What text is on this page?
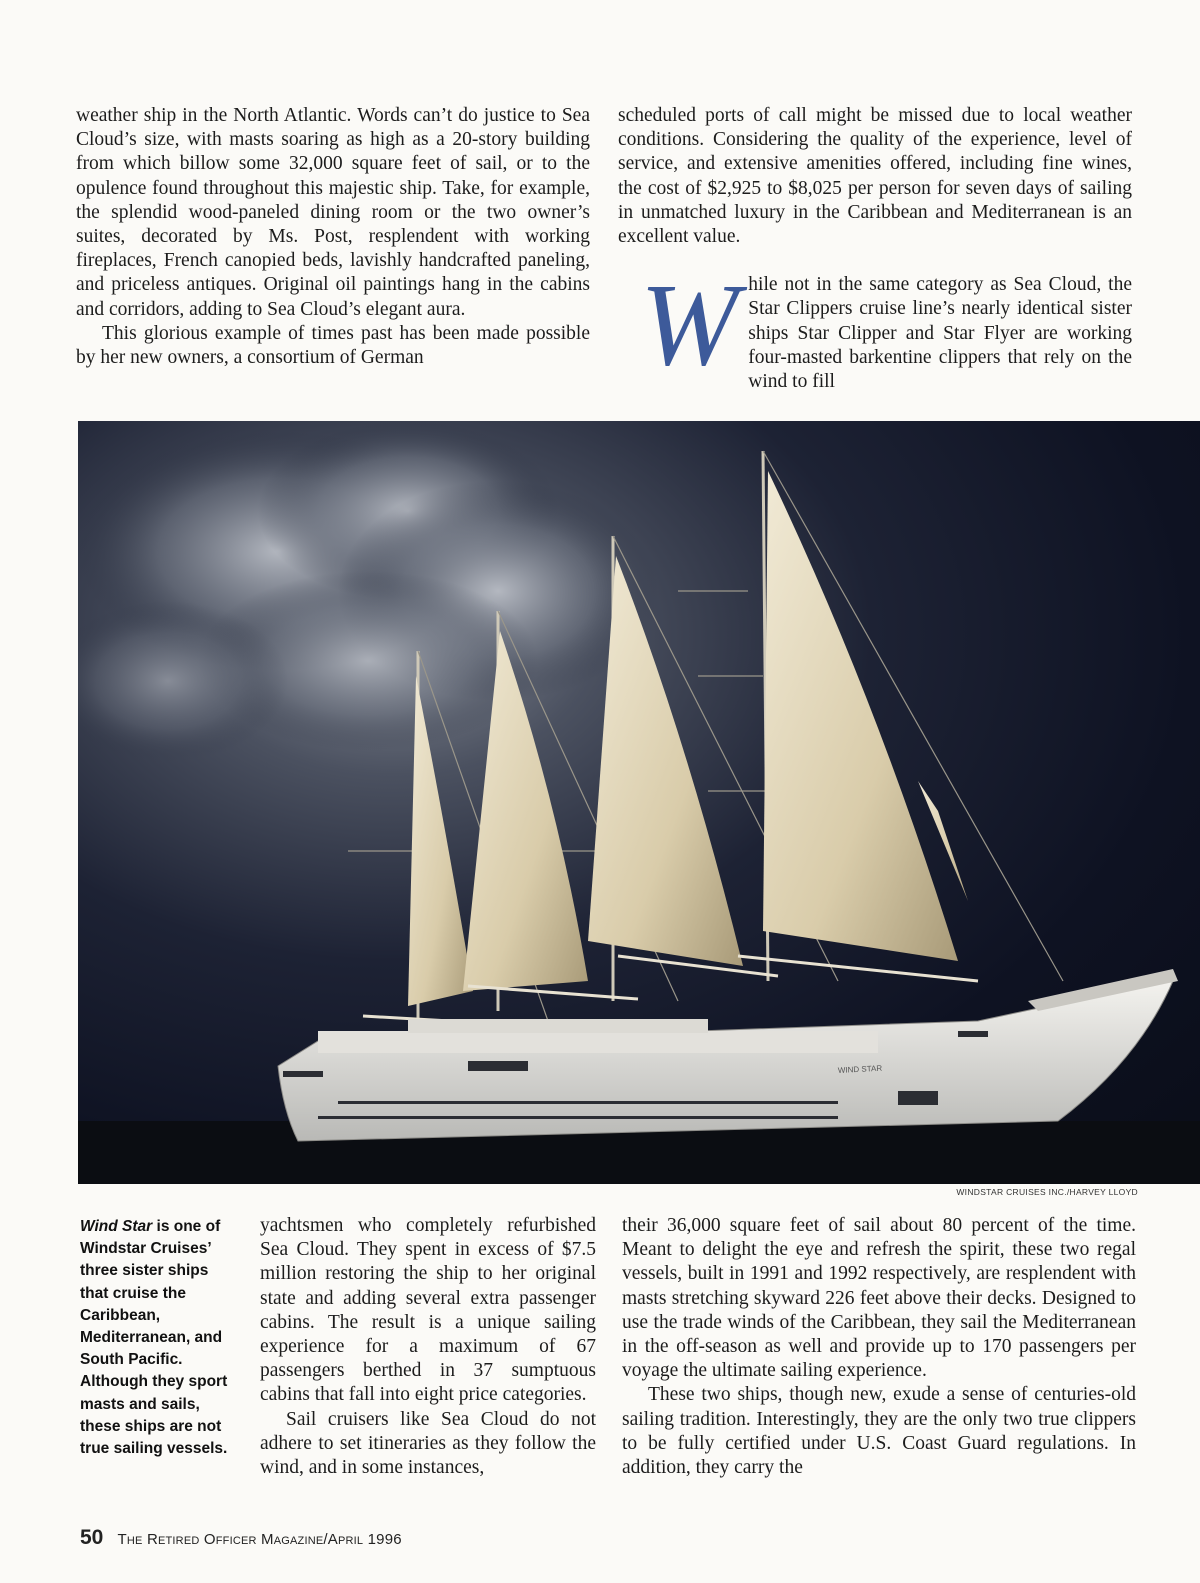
weather ship in the North Atlantic. Words can’t do justice to Sea Cloud’s size, with masts soaring as high as a 20-story building from which billow some 32,000 square feet of sail, or to the opulence found throughout this majestic ship. Take, for example, the splendid wood-paneled dining room or the two owner’s suites, decorated by Ms. Post, resplendent with working fireplaces, French canopied beds, lavishly handcrafted paneling, and priceless antiques. Original oil paintings hang in the cabins and corridors, adding to Sea Cloud’s elegant aura.

This glorious example of times past has been made possible by her new owners, a consortium of German

scheduled ports of call might be missed due to local weather conditions. Considering the quality of the experience, level of service, and extensive amenities offered, including fine wines, the cost of $2,925 to $8,025 per person for seven days of sailing in unmatched luxury in the Caribbean and Mediterranean is an excellent value.

W hile not in the same category as Sea Cloud, the Star Clippers cruise line’s nearly identical sister ships Star Clipper and Star Flyer are working four-masted barkentine clippers that rely on the wind to fill

WIND STAR
WINDSTAR CRUISES INC./HARVEY LLOYD
Wind Star is one of Windstar Cruises’ three sister ships that cruise the Caribbean, Mediterranean, and South Pacific. Although they sport masts and sails, these ships are not true sailing vessels.

yachtsmen who completely refurbished Sea Cloud. They spent in excess of $7.5 million restoring the ship to her original state and adding several extra passenger cabins. The result is a unique sailing experience for a maximum of 67 passengers berthed in 37 sumptuous cabins that fall into eight price categories.

Sail cruisers like Sea Cloud do not adhere to set itineraries as they follow the wind, and in some instances,

their 36,000 square feet of sail about 80 percent of the time. Meant to delight the eye and refresh the spirit, these two regal vessels, built in 1991 and 1992 respectively, are resplendent with masts stretching skyward 226 feet above their decks. Designed to use the trade winds of the Caribbean, they sail the Mediterranean in the off-season as well and provide up to 170 passengers per voyage the ultimate sailing experience.

These two ships, though new, exude a sense of centuries-old sailing tradition. Interestingly, they are the only two true clippers to be fully certified under U.S. Coast Guard regulations. In addition, they carry the

50 The Retired Officer Magazine/April 1996
